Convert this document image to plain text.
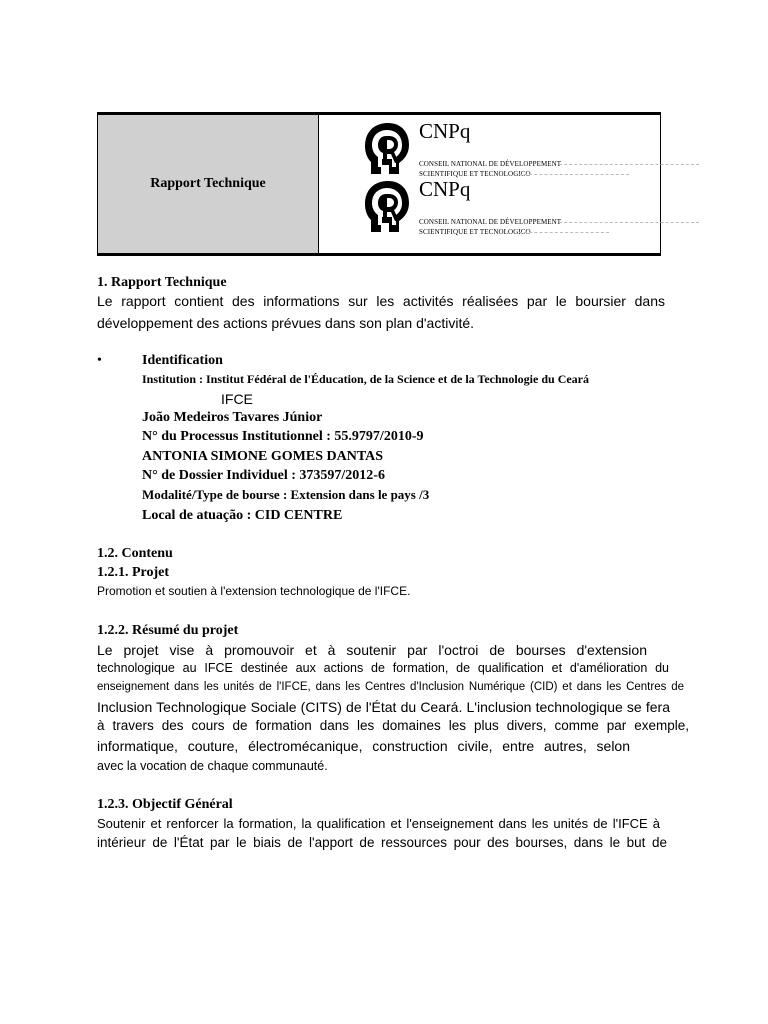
Rapport Technique
CNPq
CONSEIL NATIONAL DE DÉVELOPPEMENT
SCIENTIFIQUE ET TECNOLOGICO
CNPq
CONSEIL NATIONAL DE DÉVELOPPEMENT
SCIENTIFIQUE ET TECNOLOGICO
1. Rapport Technique
Le rapport contient des informations sur les activités réalisées par le boursier dans
développement des actions prévues dans son plan d'activité.
•	Identification
Institution : Institut Fédéral de l'Éducation, de la Science et de la Technologie du Ceará
IFCE
João Medeiros Tavares Júnior
N° du Processus Institutionnel : 55.9797/2010-9
ANTONIA SIMONE GOMES DANTAS
N° de Dossier Individuel : 373597/2012-6
Modalité/Type de bourse : Extension dans le pays /3
Local de atuação : CID CENTRE
1.2. Contenu
1.2.1. Projet
Promotion et soutien à l'extension technologique de l'IFCE.
1.2.2. Résumé du projet
Le projet vise à promouvoir et à soutenir par l'octroi de bourses d'extension
technologique au IFCE destinée aux actions de formation, de qualification et d'amélioration du
enseignement dans les unités de l'IFCE, dans les Centres d'Inclusion Numérique (CID) et dans les Centres de
Inclusion Technologique Sociale (CITS) de l'État du Ceará. L'inclusion technologique se fera
à travers des cours de formation dans les domaines les plus divers, comme par exemple,
informatique, couture, électromécanique, construction civile, entre autres, selon
avec la vocation de chaque communauté.
1.2.3. Objectif Général
Soutenir et renforcer la formation, la qualification et l'enseignement dans les unités de l'IFCE à
intérieur de l'État par le biais de l'apport de ressources pour des bourses, dans le but de
